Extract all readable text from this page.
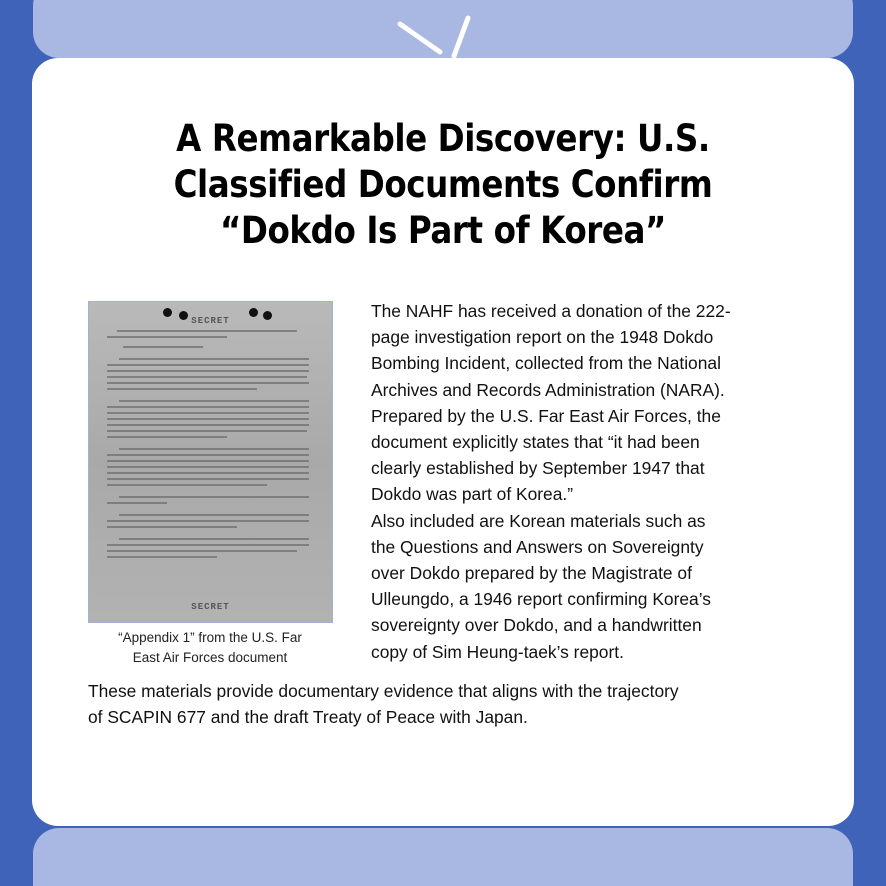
A Remarkable Discovery: U.S.
Classified Documents Confirm
“Dokdo Is Part of Korea”
SECRET
SECRET
“Appendix 1” from the U.S. Far
East Air Forces document
The NAHF has received a donation of the 222-
page investigation report on the 1948 Dokdo
Bombing Incident, collected from the National
Archives and Records Administration (NARA).
Prepared by the U.S. Far East Air Forces, the
document explicitly states that “it had been
clearly established by September 1947 that
Dokdo was part of Korea.”
Also included are Korean materials such as
the Questions and Answers on Sovereignty
over Dokdo prepared by the Magistrate of
Ulleungdo, a 1946 report confirming Korea’s
sovereignty over Dokdo, and a handwritten
copy of Sim Heung-taek’s report.
These materials provide documentary evidence that aligns with the trajectory
of SCAPIN 677 and the draft Treaty of Peace with Japan.
